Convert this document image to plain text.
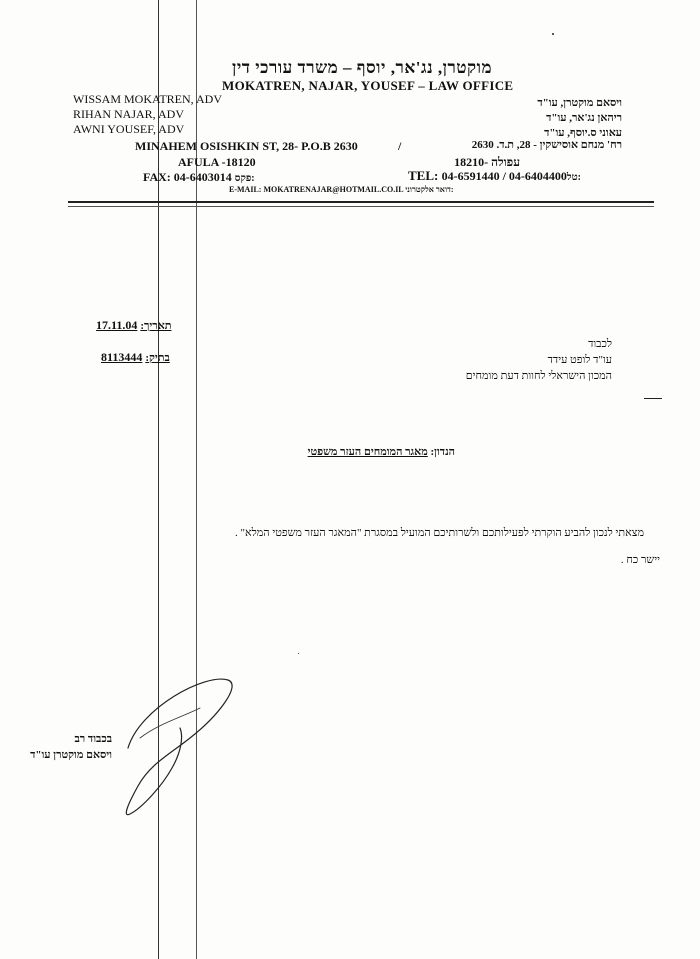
מוקטרן, נג'אר, יוסף – משרד עורכי דין
MOKATREN, NAJAR, YOUSEF – LAW OFFICE
WISSAM MOKATREN, ADV
RIHAN NAJAR, ADV
AWNI YOUSEF, ADV
ויסאם מוקטרן, עו"ד
ריהאן נג'אר, עו"ד
עאוני ס.יוסף, עו"ד
MINAHEM OSISHKIN ST, 28- P.O.B 2630	/	רח' מנחם אוסישקין - 28, ת.ד. 2630
AFULA -18120	עפולה -18210
FAX: 04-6403014 :פקס	TEL: 04-6591440 / 04-6404400:טל
E-MAIL: MOKATRENAJAR@HOTMAIL.CO.IL :דואר אלקטרוני
17.11.04 תאריך:
8113444 בתיק:
לכבוד
עו"ד לופט עידד
המכון הישראלי לחוות דעת מומחים
הנדון: מאגר המומחים העזר משפטי
מצאתי לנכון להביע הוקרתי לפעילותכם ולשרותיכם המועיל במסגרת "המאגר העזר משפטי המלא" .
יישר כח .
בכבוד רב
ויסאם מוקטרן עו"ד
